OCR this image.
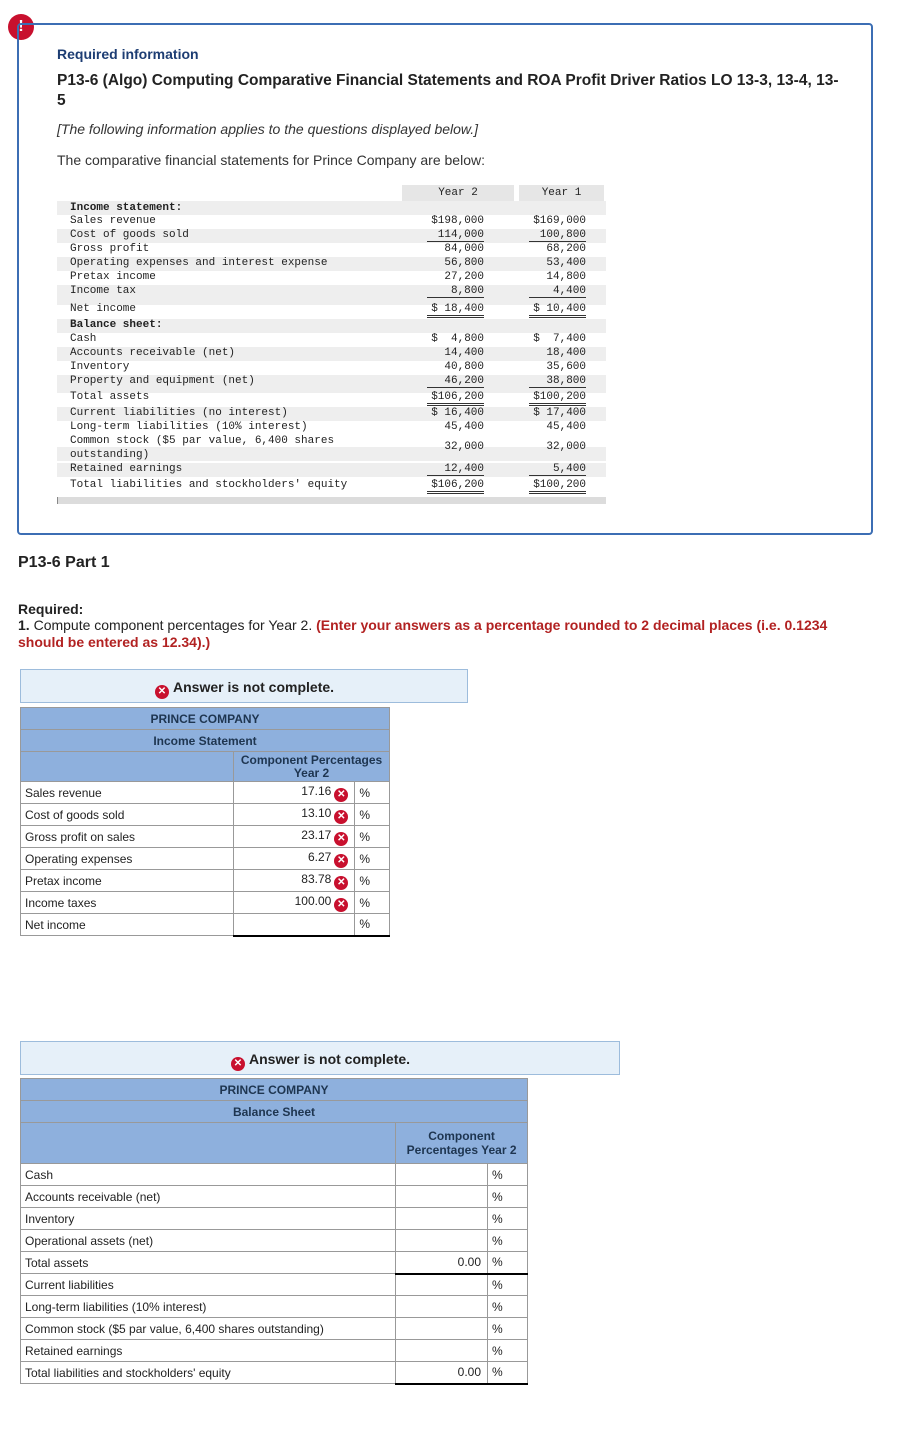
!
Required information
P13-6 (Algo) Computing Comparative Financial Statements and ROA Profit Driver Ratios LO 13-3, 13-4, 13-5
[The following information applies to the questions displayed below.]
The comparative financial statements for Prince Company are below:
Year 2	Year 1
Income statement:
Sales revenue	$198,000	$169,000
Cost of goods sold	114,000	100,800
Gross profit	84,000	68,200
Operating expenses and interest expense	56,800	53,400
Pretax income	27,200	14,800
Income tax	8,800	4,400
Net income	$ 18,400	$ 10,400
Balance sheet:
Cash	$  4,800	$  7,400
Accounts receivable (net)	14,400	18,400
Inventory	40,800	35,600
Property and equipment (net)	46,200	38,800
Total assets	$106,200	$100,200
Current liabilities (no interest)	$ 16,400	$ 17,400
Long-term liabilities (10% interest)	45,400	45,400
Common stock ($5 par value, 6,400 shares	32,000	32,000
outstanding)
Retained earnings	12,400	5,400
Total liabilities and stockholders' equity	$106,200	$100,200
P13-6 Part 1
Required:
1. Compute component percentages for Year 2. (Enter your answers as a percentage rounded to 2 decimal places (i.e. 0.1234 should be entered as 12.34).)
✕ Answer is not complete.
PRINCE COMPANY		
Income Statement		
	Component Percentages Year 2	
Sales revenue	17.16 ✕	%
Cost of goods sold	13.10 ✕	%
Gross profit on sales	23.17 ✕	%
Operating expenses	6.27 ✕	%
Pretax income	83.78 ✕	%
Income taxes	100.00 ✕	%
Net income		%
✕ Answer is not complete.
PRINCE COMPANY		
Balance Sheet		
	Component Percentages Year 2	
Cash		%
Accounts receivable (net)		%
Inventory		%
Operational assets (net)		%
Total assets	0.00	%
Current liabilities		%
Long-term liabilities (10% interest)		%
Common stock ($5 par value, 6,400 shares outstanding)		%
Retained earnings		%
Total liabilities and stockholders' equity	0.00	%
